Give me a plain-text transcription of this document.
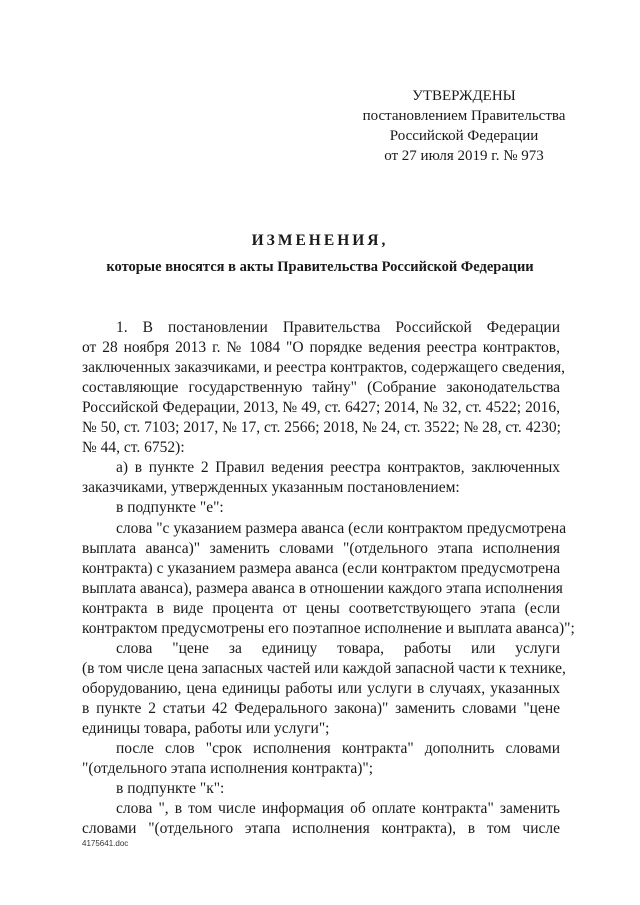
УТВЕРЖДЕНЫ
постановлением Правительства
Российской Федерации
от 27 июля 2019 г. № 973
ИЗМЕНЕНИЯ,
которые вносятся в акты Правительства Российской Федерации
1. В постановлении Правительства Российской Федерации
от 28 ноября 2013 г. № 1084 "О порядке ведения реестра контрактов,
заключенных заказчиками, и реестра контрактов, содержащего сведения,
составляющие государственную тайну" (Собрание законодательства
Российской Федерации, 2013, № 49, ст. 6427; 2014, № 32, ст. 4522; 2016,
№ 50, ст. 7103; 2017, № 17, ст. 2566; 2018, № 24, ст. 3522; № 28, ст. 4230;
№ 44, ст. 6752):
а) в пункте 2 Правил ведения реестра контрактов, заключенных
заказчиками, утвержденных указанным постановлением:
в подпункте "е":
слова "с указанием размера аванса (если контрактом предусмотрена
выплата аванса)" заменить словами "(отдельного этапа исполнения
контракта) с указанием размера аванса (если контрактом предусмотрена
выплата аванса), размера аванса в отношении каждого этапа исполнения
контракта в виде процента от цены соответствующего этапа (если
контрактом предусмотрены его поэтапное исполнение и выплата аванса)";
слова "цене за единицу товара, работы или услуги
(в том числе цена запасных частей или каждой запасной части к технике,
оборудованию, цена единицы работы или услуги в случаях, указанных
в пункте 2 статьи 42 Федерального закона)" заменить словами "цене
единицы товара, работы или услуги";
после слов "срок исполнения контракта" дополнить словами
"(отдельного этапа исполнения контракта)";
в подпункте "к":
слова ", в том числе информация об оплате контракта" заменить
словами "(отдельного этапа исполнения контракта), в том числе
4175641.doc
